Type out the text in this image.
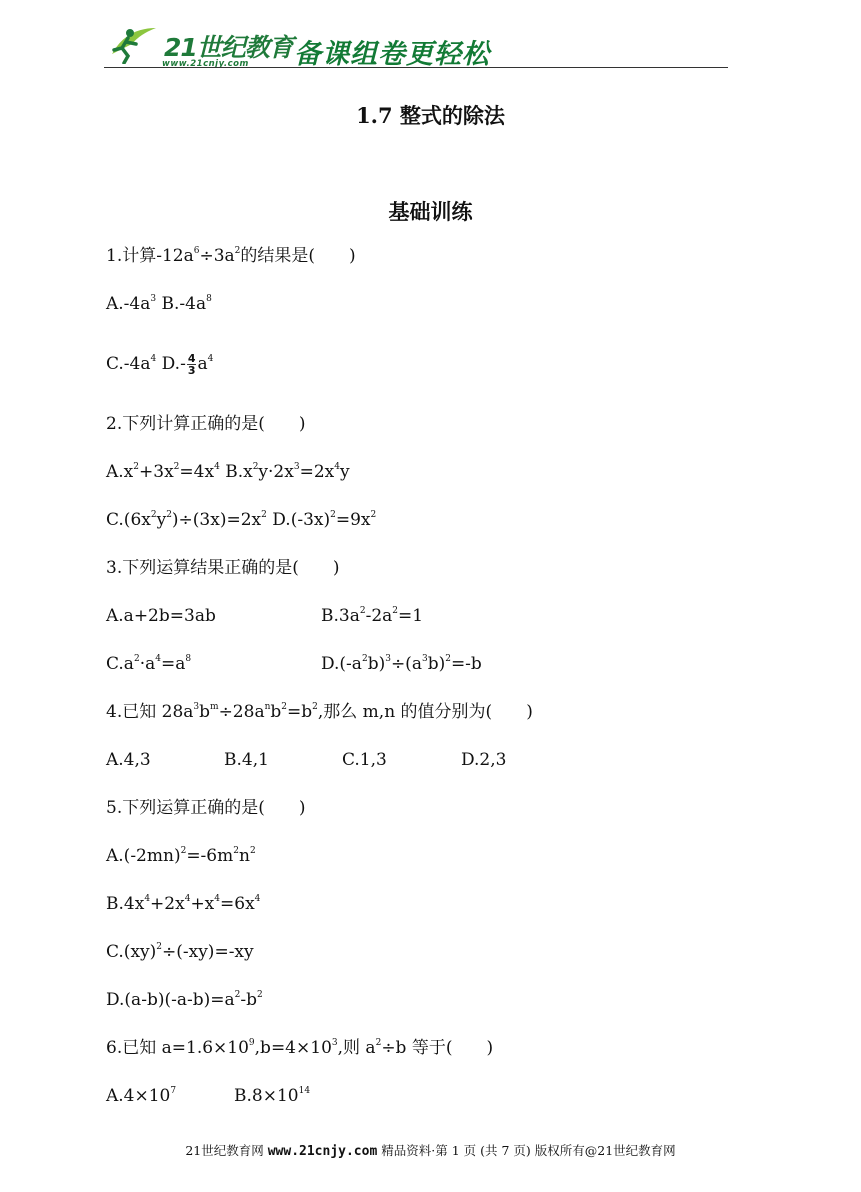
21世纪教育
www.21cnjy.com 备课组卷更轻松
1.7 整式的除法
基础训练
1.计算$-12a^6\div 3a^2$的结果是(　　)
$A.-4a^3$ $B.-4a^8$
$C.-4a^4$ $D.- \frac{4}{3} a^4$
2.下列计算正确的是(　　)
$A.x^2+3x^2=4x^4$ $B.x^2y\cdot 2x^3=2x^4y$
$C.(6x^2y^2)\div(3x)=2x^2$ $D.(-3x)^2=9x^2$
3.下列运算结果正确的是(　　)
A.a+2b=3ab	$B.3a^2-2a^2=1$
$C.a^2\cdot a^4=a^8$	$D.(-a^2b)^3\div(a^3b)^2=-b$
4.已知 $28a^3b^m\div 28a^nb^2=b^2$,那么 m,n 的值分别为(　　)
A.4,3	B.4,1	C.1,3	D.2,3
5.下列运算正确的是(　　)
$A.(-2mn)^2=-6m^2n^2$
$B.4x^4+2x^4+x^4=6x^4$
C.(xy)$^2$÷(-xy)=-xy
$D.(a-b)(-a-b)=a^2-b^2$
6.已知 $a=1.6\times 10^9,b=4\times 10^3$,则 $a^2\div b$ 等于(　　)
$A.4\times 10^7$	$B.8\times 10^{14}$
21世纪教育网 www.21cnjy.com 精品资料·第 1 页 (共 7 页) 版权所有@21世纪教育网
